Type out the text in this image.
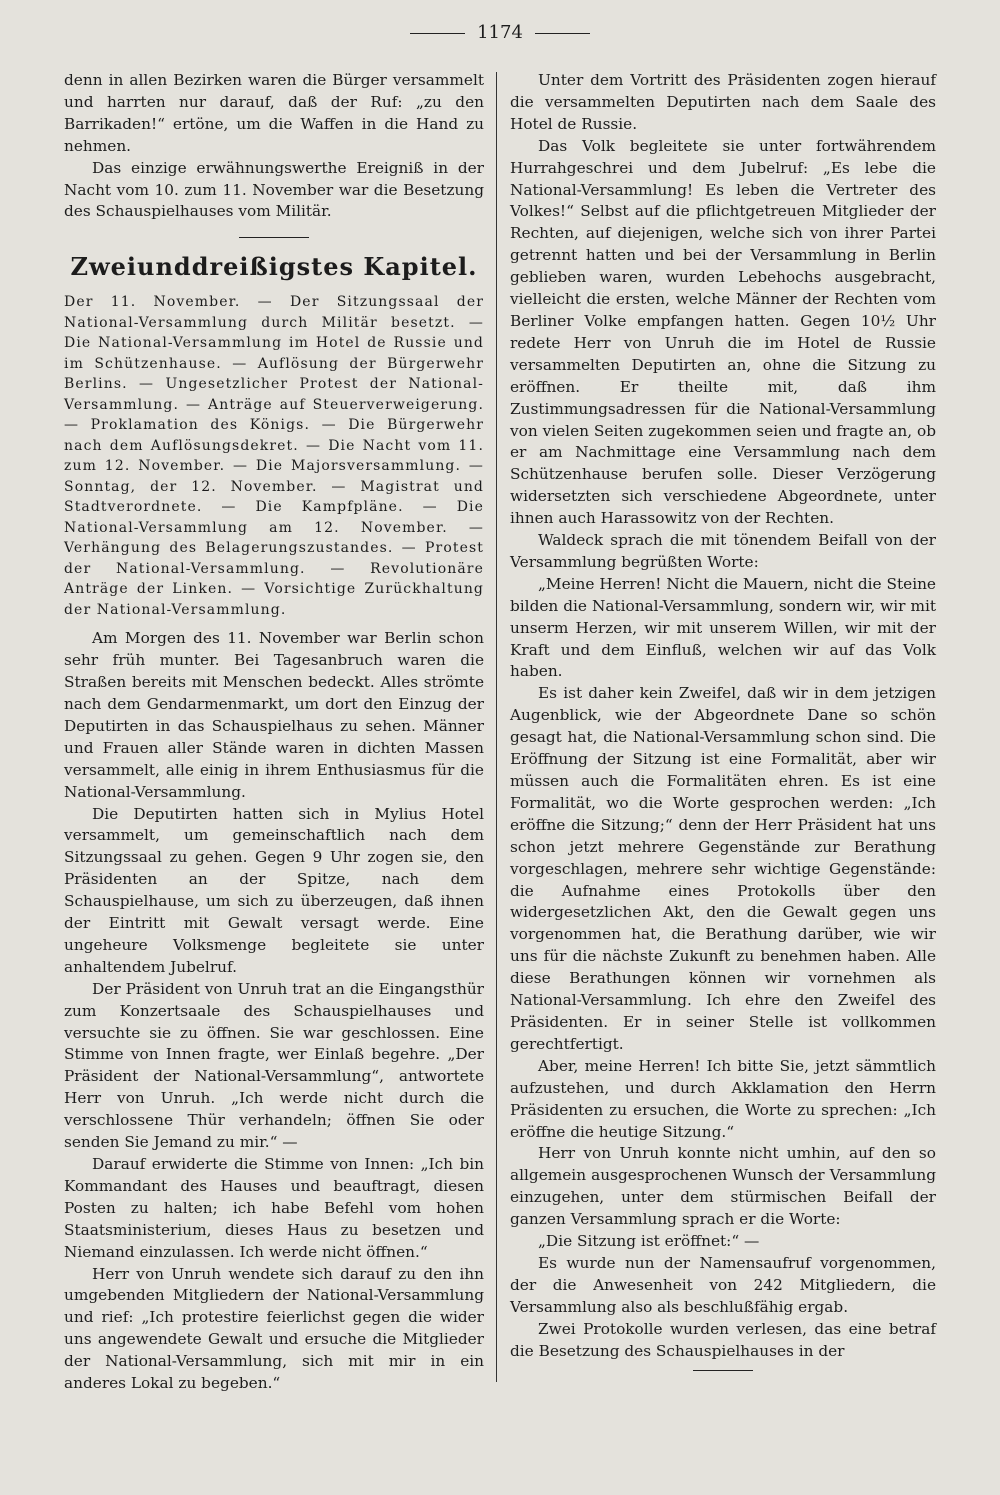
1174

denn in allen Bezirken waren die Bürger versammelt und harrten nur darauf, daß der Ruf: „zu den Barrikaden!“ ertöne, um die Waffen in die Hand zu nehmen.

Das einzige erwähnungswerthe Ereigniß in der Nacht vom 10. zum 11. November war die Besetzung des Schauspielhauses vom Militär.

Zweiunddreißigstes Kapitel.

Der 11. November. — Der Sitzungssaal der National-Versammlung durch Militär besetzt. — Die National-Versammlung im Hotel de Russie und im Schützenhause. — Auflösung der Bürgerwehr Berlins. — Ungesetzlicher Protest der National-Versammlung. — Anträge auf Steuerverweigerung. — Proklamation des Königs. — Die Bürgerwehr nach dem Auflösungsdekret. — Die Nacht vom 11. zum 12. November. — Die Majorsversammlung. — Sonntag, der 12. November. — Magistrat und Stadtverordnete. — Die Kampfpläne. — Die National-Versammlung am 12. November. — Verhängung des Belagerungszustandes. — Protest der National-Versammlung. — Revolutionäre Anträge der Linken. — Vorsichtige Zurückhaltung der National-Versammlung.

Am Morgen des 11. November war Berlin schon sehr früh munter. Bei Tagesanbruch waren die Straßen bereits mit Menschen bedeckt. Alles strömte nach dem Gendarmenmarkt, um dort den Einzug der Deputirten in das Schauspielhaus zu sehen. Männer und Frauen aller Stände waren in dichten Massen versammelt, alle einig in ihrem Enthusiasmus für die National-Versammlung.

Die Deputirten hatten sich in Mylius Hotel versammelt, um gemeinschaftlich nach dem Sitzungssaal zu gehen. Gegen 9 Uhr zogen sie, den Präsidenten an der Spitze, nach dem Schauspielhause, um sich zu überzeugen, daß ihnen der Eintritt mit Gewalt versagt werde. Eine ungeheure Volksmenge begleitete sie unter anhaltendem Jubelruf.

Der Präsident von Unruh trat an die Eingangsthür zum Konzertsaale des Schauspielhauses und versuchte sie zu öffnen. Sie war geschlossen. Eine Stimme von Innen fragte, wer Einlaß begehre. „Der Präsident der National-Versammlung“, antwortete Herr von Unruh. „Ich werde nicht durch die verschlossene Thür verhandeln; öffnen Sie oder senden Sie Jemand zu mir.“ —

Darauf erwiderte die Stimme von Innen: „Ich bin Kommandant des Hauses und beauftragt, diesen Posten zu halten; ich habe Befehl vom hohen Staatsministerium, dieses Haus zu besetzen und Niemand einzulassen. Ich werde nicht öffnen.“

Herr von Unruh wendete sich darauf zu den ihn umgebenden Mitgliedern der National-Versammlung und rief: „Ich protestire feierlichst gegen die wider uns angewendete Gewalt und ersuche die Mitglieder der National-Versammlung, sich mit mir in ein anderes Lokal zu begeben.“

Unter dem Vortritt des Präsidenten zogen hierauf die versammelten Deputirten nach dem Saale des Hotel de Russie.

Das Volk begleitete sie unter fortwährendem Hurrahgeschrei und dem Jubelruf: „Es lebe die National-Versammlung! Es leben die Vertreter des Volkes!“ Selbst auf die pflichtgetreuen Mitglieder der Rechten, auf diejenigen, welche sich von ihrer Partei getrennt hatten und bei der Versammlung in Berlin geblieben waren, wurden Lebehochs ausgebracht, vielleicht die ersten, welche Männer der Rechten vom Berliner Volke empfangen hatten. Gegen 10½ Uhr redete Herr von Unruh die im Hotel de Russie versammelten Deputirten an, ohne die Sitzung zu eröffnen. Er theilte mit, daß ihm Zustimmungsadressen für die National-Versammlung von vielen Seiten zugekommen seien und fragte an, ob er am Nachmittage eine Versammlung nach dem Schützenhause berufen solle. Dieser Verzögerung widersetzten sich verschiedene Abgeordnete, unter ihnen auch Harassowitz von der Rechten.

Waldeck sprach die mit tönendem Beifall von der Versammlung begrüßten Worte:

„Meine Herren! Nicht die Mauern, nicht die Steine bilden die National-Versammlung, sondern wir, wir mit unserm Herzen, wir mit unserem Willen, wir mit der Kraft und dem Einfluß, welchen wir auf das Volk haben.

Es ist daher kein Zweifel, daß wir in dem jetzigen Augenblick, wie der Abgeordnete Dane so schön gesagt hat, die National-Versammlung schon sind. Die Eröffnung der Sitzung ist eine Formalität, aber wir müssen auch die Formalitäten ehren. Es ist eine Formalität, wo die Worte gesprochen werden: „Ich eröffne die Sitzung;“ denn der Herr Präsident hat uns schon jetzt mehrere Gegenstände zur Berathung vorgeschlagen, mehrere sehr wichtige Gegenstände: die Aufnahme eines Protokolls über den widergesetzlichen Akt, den die Gewalt gegen uns vorgenommen hat, die Berathung darüber, wie wir uns für die nächste Zukunft zu benehmen haben. Alle diese Berathungen können wir vornehmen als National-Versammlung. Ich ehre den Zweifel des Präsidenten. Er in seiner Stelle ist vollkommen gerechtfertigt.

Aber, meine Herren! Ich bitte Sie, jetzt sämmtlich aufzustehen, und durch Akklamation den Herrn Präsidenten zu ersuchen, die Worte zu sprechen: „Ich eröffne die heutige Sitzung.“

Herr von Unruh konnte nicht umhin, auf den so allgemein ausgesprochenen Wunsch der Versammlung einzugehen, unter dem stürmischen Beifall der ganzen Versammlung sprach er die Worte:

„Die Sitzung ist eröffnet:“ —

Es wurde nun der Namensaufruf vorgenommen, der die Anwesenheit von 242 Mitgliedern, die Versammlung also als beschlußfähig ergab.

Zwei Protokolle wurden verlesen, das eine betraf die Besetzung des Schauspielhauses in der
